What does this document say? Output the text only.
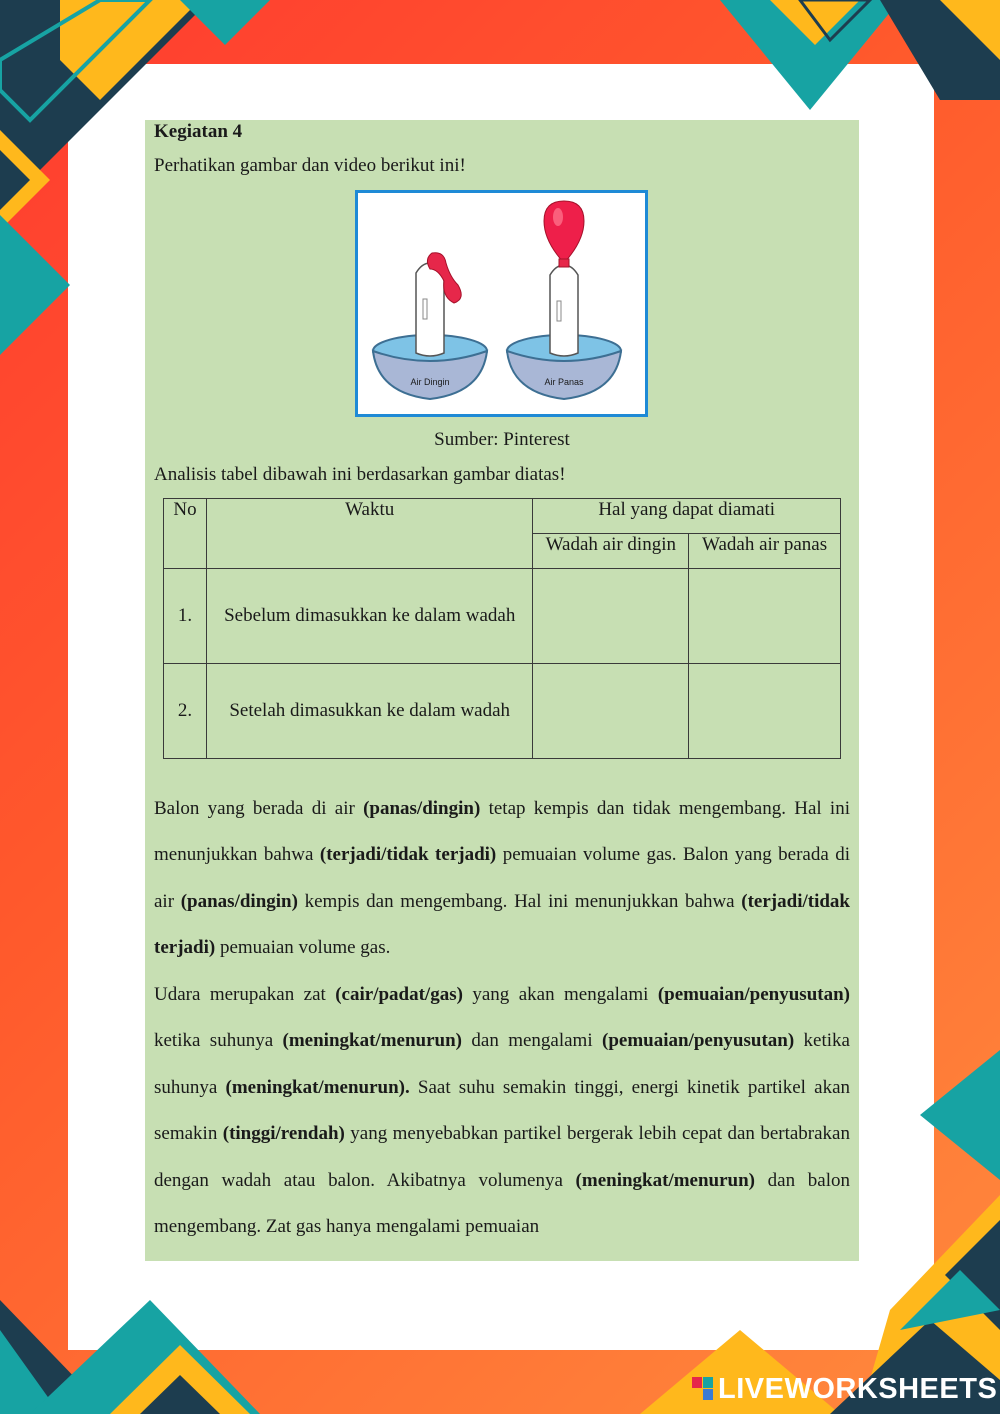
Kegiatan 4
Perhatikan gambar dan video berikut ini!
Air Dingin	Air Panas
Sumber: Pinterest
Analisis tabel dibawah ini berdasarkan gambar diatas!
No	Waktu	Hal yang dapat diamati	
		Wadah air dingin	Wadah air panas
1.	Sebelum dimasukkan ke dalam wadah		
2.	Setelah dimasukkan ke dalam wadah		
Balon yang berada di air (panas/dingin) tetap kempis dan tidak mengembang. Hal ini menunjukkan bahwa (terjadi/tidak terjadi) pemuaian volume gas. Balon yang berada di air (panas/dingin) kempis dan mengembang. Hal ini menunjukkan bahwa (terjadi/tidak terjadi) pemuaian volume gas.
Udara merupakan zat (cair/padat/gas) yang akan mengalami (pemuaian/penyusutan) ketika suhunya (meningkat/menurun) dan mengalami (pemuaian/penyusutan) ketika suhunya (meningkat/menurun). Saat suhu semakin tinggi, energi kinetik partikel akan semakin (tinggi/rendah) yang menyebabkan partikel bergerak lebih cepat dan bertabrakan dengan wadah atau balon. Akibatnya volumenya (meningkat/menurun) dan balon mengembang. Zat gas hanya mengalami pemuaian
LIVEWORKSHEETS
